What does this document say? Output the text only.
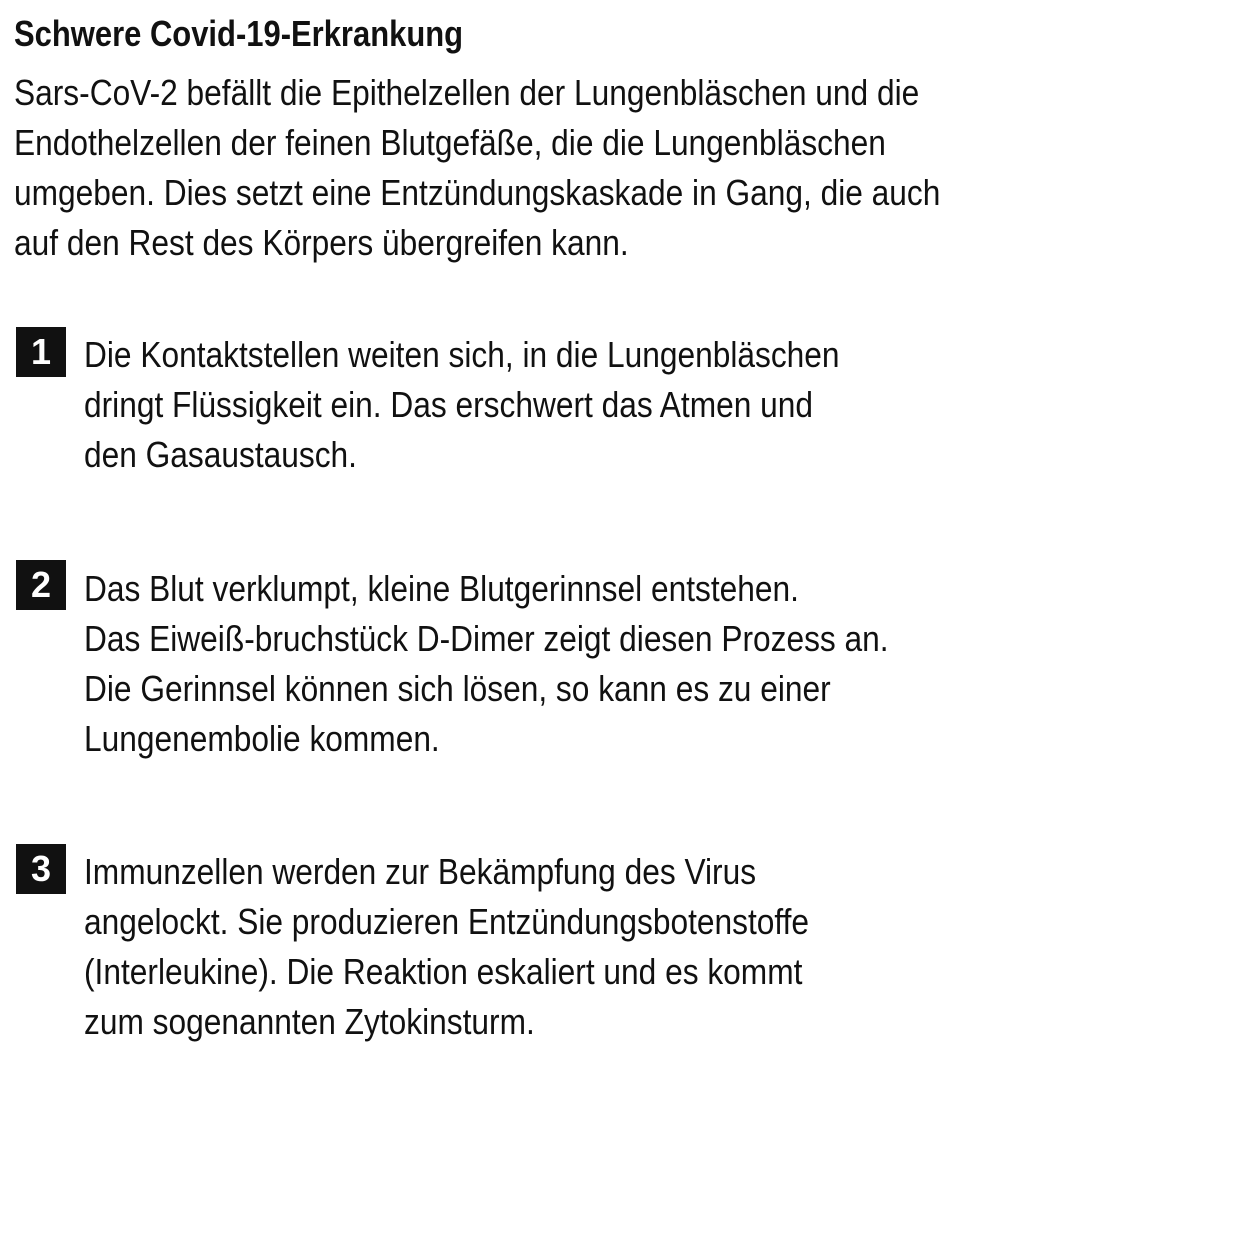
Schwere Covid-19-Erkrankung

Sars-CoV-2 befällt die Epithelzellen der Lungenbläschen und die

Endothelzellen der feinen Blutgefäße, die die Lungenbläschen

umgeben. Dies setzt eine Entzündungskaskade in Gang, die auch

auf den Rest des Körpers übergreifen kann.

1 Die Kontaktstellen weiten sich, in die Lungenbläschen

dringt Flüssigkeit ein. Das erschwert das Atmen und

den Gasaustausch.

2 Das Blut verklumpt, kleine Blutgerinnsel entstehen.

Das Eiweiß-bruchstück D-Dimer zeigt diesen Prozess an.

Die Gerinnsel können sich lösen, so kann es zu einer

Lungenembolie kommen.

3 Immunzellen werden zur Bekämpfung des Virus

angelockt. Sie produzieren Entzündungsbotenstoffe

(Interleukine). Die Reaktion eskaliert und es kommt

zum sogenannten Zytokinsturm.
